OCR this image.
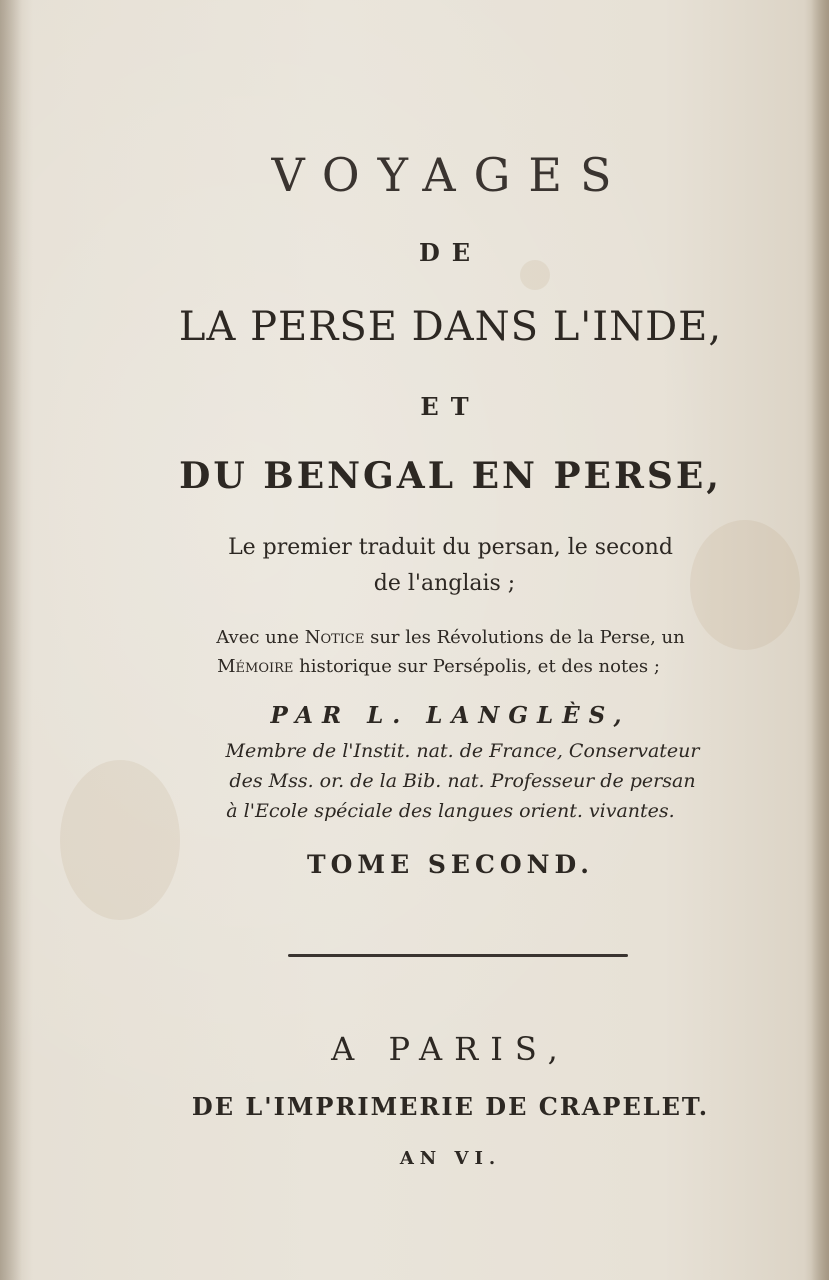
VOYAGES
DE
LA PERSE DANS L'INDE,
ET
DU BENGAL EN PERSE,
Le premier traduit du persan, le second
de l'anglais ;
Avec une Notice sur les Révolutions de la Perse, un
Mémoire historique sur Persépolis, et des notes ;
PAR L. LANGLÈS,
Membre de l'Instit. nat. de France, Conservateur
des Mss. or. de la Bib. nat. Professeur de persan
à l'Ecole spéciale des langues orient. vivantes.
TOME SECOND.
A PARIS,
DE L'IMPRIMERIE DE CRAPELET.
AN VI.
